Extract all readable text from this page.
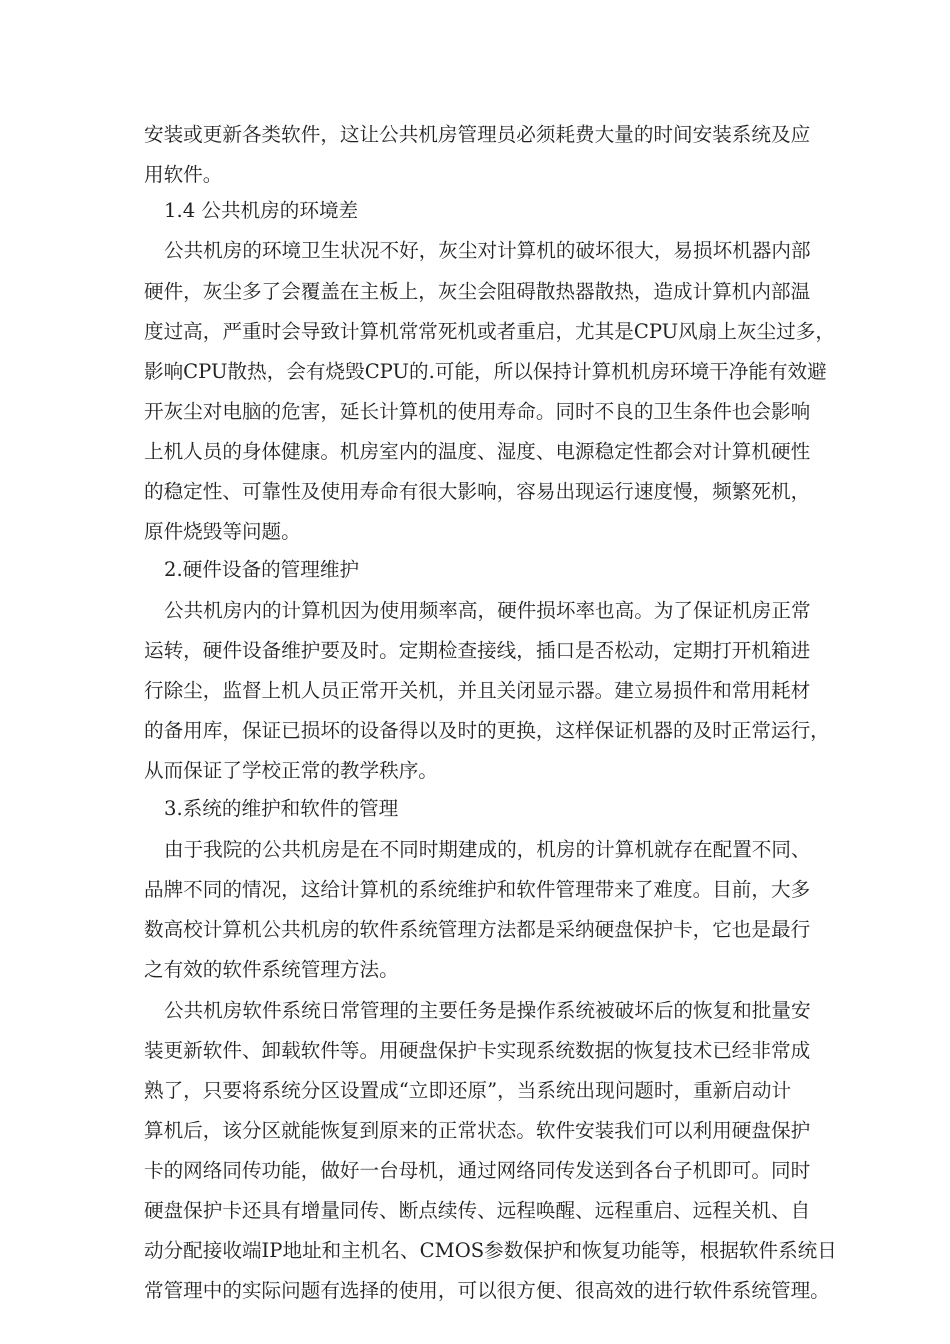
安装或更新各类软件，这让公共机房管理员必须耗费大量的时间安装系统及应
用软件。
1.4 公共机房的环境差
公共机房的环境卫生状况不好，灰尘对计算机的破坏很大，易损坏机器内部
硬件，灰尘多了会覆盖在主板上，灰尘会阻碍散热器散热，造成计算机内部温
度过高，严重时会导致计算机常常死机或者重启，尤其是CPU风扇上灰尘过多，
影响CPU散热，会有烧毁CPU的.可能，所以保持计算机机房环境干净能有效避
开灰尘对电脑的危害，延长计算机的使用寿命。同时不良的卫生条件也会影响
上机人员的身体健康。机房室内的温度、湿度、电源稳定性都会对计算机硬性
的稳定性、可靠性及使用寿命有很大影响，容易出现运行速度慢，频繁死机，
原件烧毁等问题。
2.硬件设备的管理维护
公共机房内的计算机因为使用频率高，硬件损坏率也高。为了保证机房正常
运转，硬件设备维护要及时。定期检查接线，插口是否松动，定期打开机箱进
行除尘，监督上机人员正常开关机，并且关闭显示器。建立易损件和常用耗材
的备用库，保证已损坏的设备得以及时的更换，这样保证机器的及时正常运行，
从而保证了学校正常的教学秩序。
3.系统的维护和软件的管理
由于我院的公共机房是在不同时期建成的，机房的计算机就存在配置不同、
品牌不同的情况，这给计算机的系统维护和软件管理带来了难度。目前，大多
数高校计算机公共机房的软件系统管理方法都是采纳硬盘保护卡，它也是最行
之有效的软件系统管理方法。
公共机房软件系统日常管理的主要任务是操作系统被破坏后的恢复和批量安
装更新软件、卸载软件等。用硬盘保护卡实现系统数据的恢复技术已经非常成
熟了，只要将系统分区设置成“立即还原”，当系统出现问题时，重新启动计
算机后，该分区就能恢复到原来的正常状态。软件安装我们可以利用硬盘保护
卡的网络同传功能，做好一台母机，通过网络同传发送到各台子机即可。同时
硬盘保护卡还具有增量同传、断点续传、远程唤醒、远程重启、远程关机、自
动分配接收端IP地址和主机名、CMOS参数保护和恢复功能等，根据软件系统日
常管理中的实际问题有选择的使用，可以很方便、很高效的进行软件系统管理。
